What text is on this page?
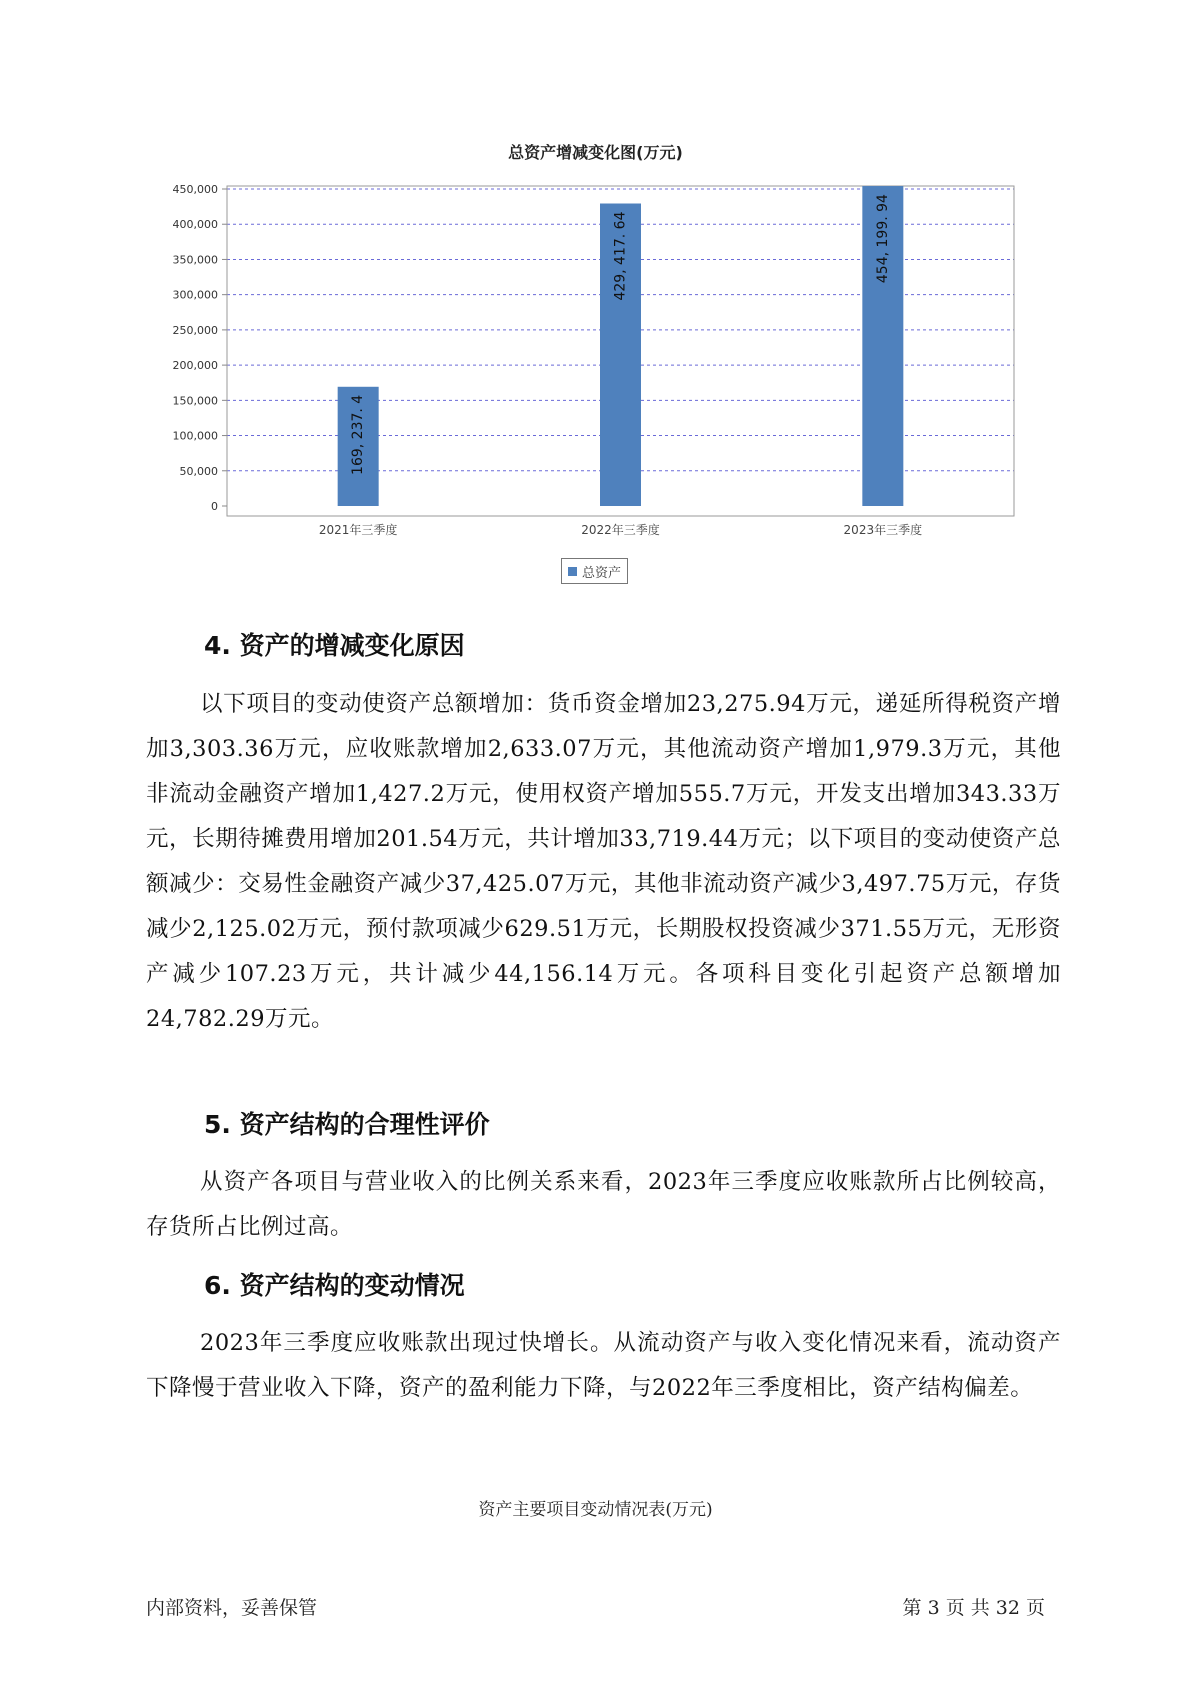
总资产增减变化图(万元)
0
50,000
100,000
150,000
200,000
250,000
300,000
350,000
400,000
450,000
169, 237. 4
429, 417. 64	454, 199. 94
2021年三季度	2022年三季度	2023年三季度
总资产
4. 资产的增减变化原因

以下项目的变动使资产总额增加：货币资金增加23,275.94万元，递延所得税资产增加3,303.36万元，应收账款增加2,633.07万元，其他流动资产增加1,979.3万元，其他非流动金融资产增加1,427.2万元，使用权资产增加555.7万元，开发支出增加343.33万元，长期待摊费用增加201.54万元，共计增加33,719.44万元；以下项目的变动使资产总额减少：交易性金融资产减少37,425.07万元，其他非流动资产减少3,497.75万元，存货减少2,125.02万元，预付款项减少629.51万元，长期股权投资减少371.55万元，无形资产减少107.23万元，共计减少44,156.14万元。各项科目变化引起资产总额增加24,782.29万元。

5. 资产结构的合理性评价

从资产各项目与营业收入的比例关系来看，2023年三季度应收账款所占比例较高，存货所占比例过高。

6. 资产结构的变动情况

2023年三季度应收账款出现过快增长。从流动资产与收入变化情况来看，流动资产下降慢于营业收入下降，资产的盈利能力下降，与2022年三季度相比，资产结构偏差。

资产主要项目变动情况表(万元)
内部资料，妥善保管	第 3 页 共 32 页
